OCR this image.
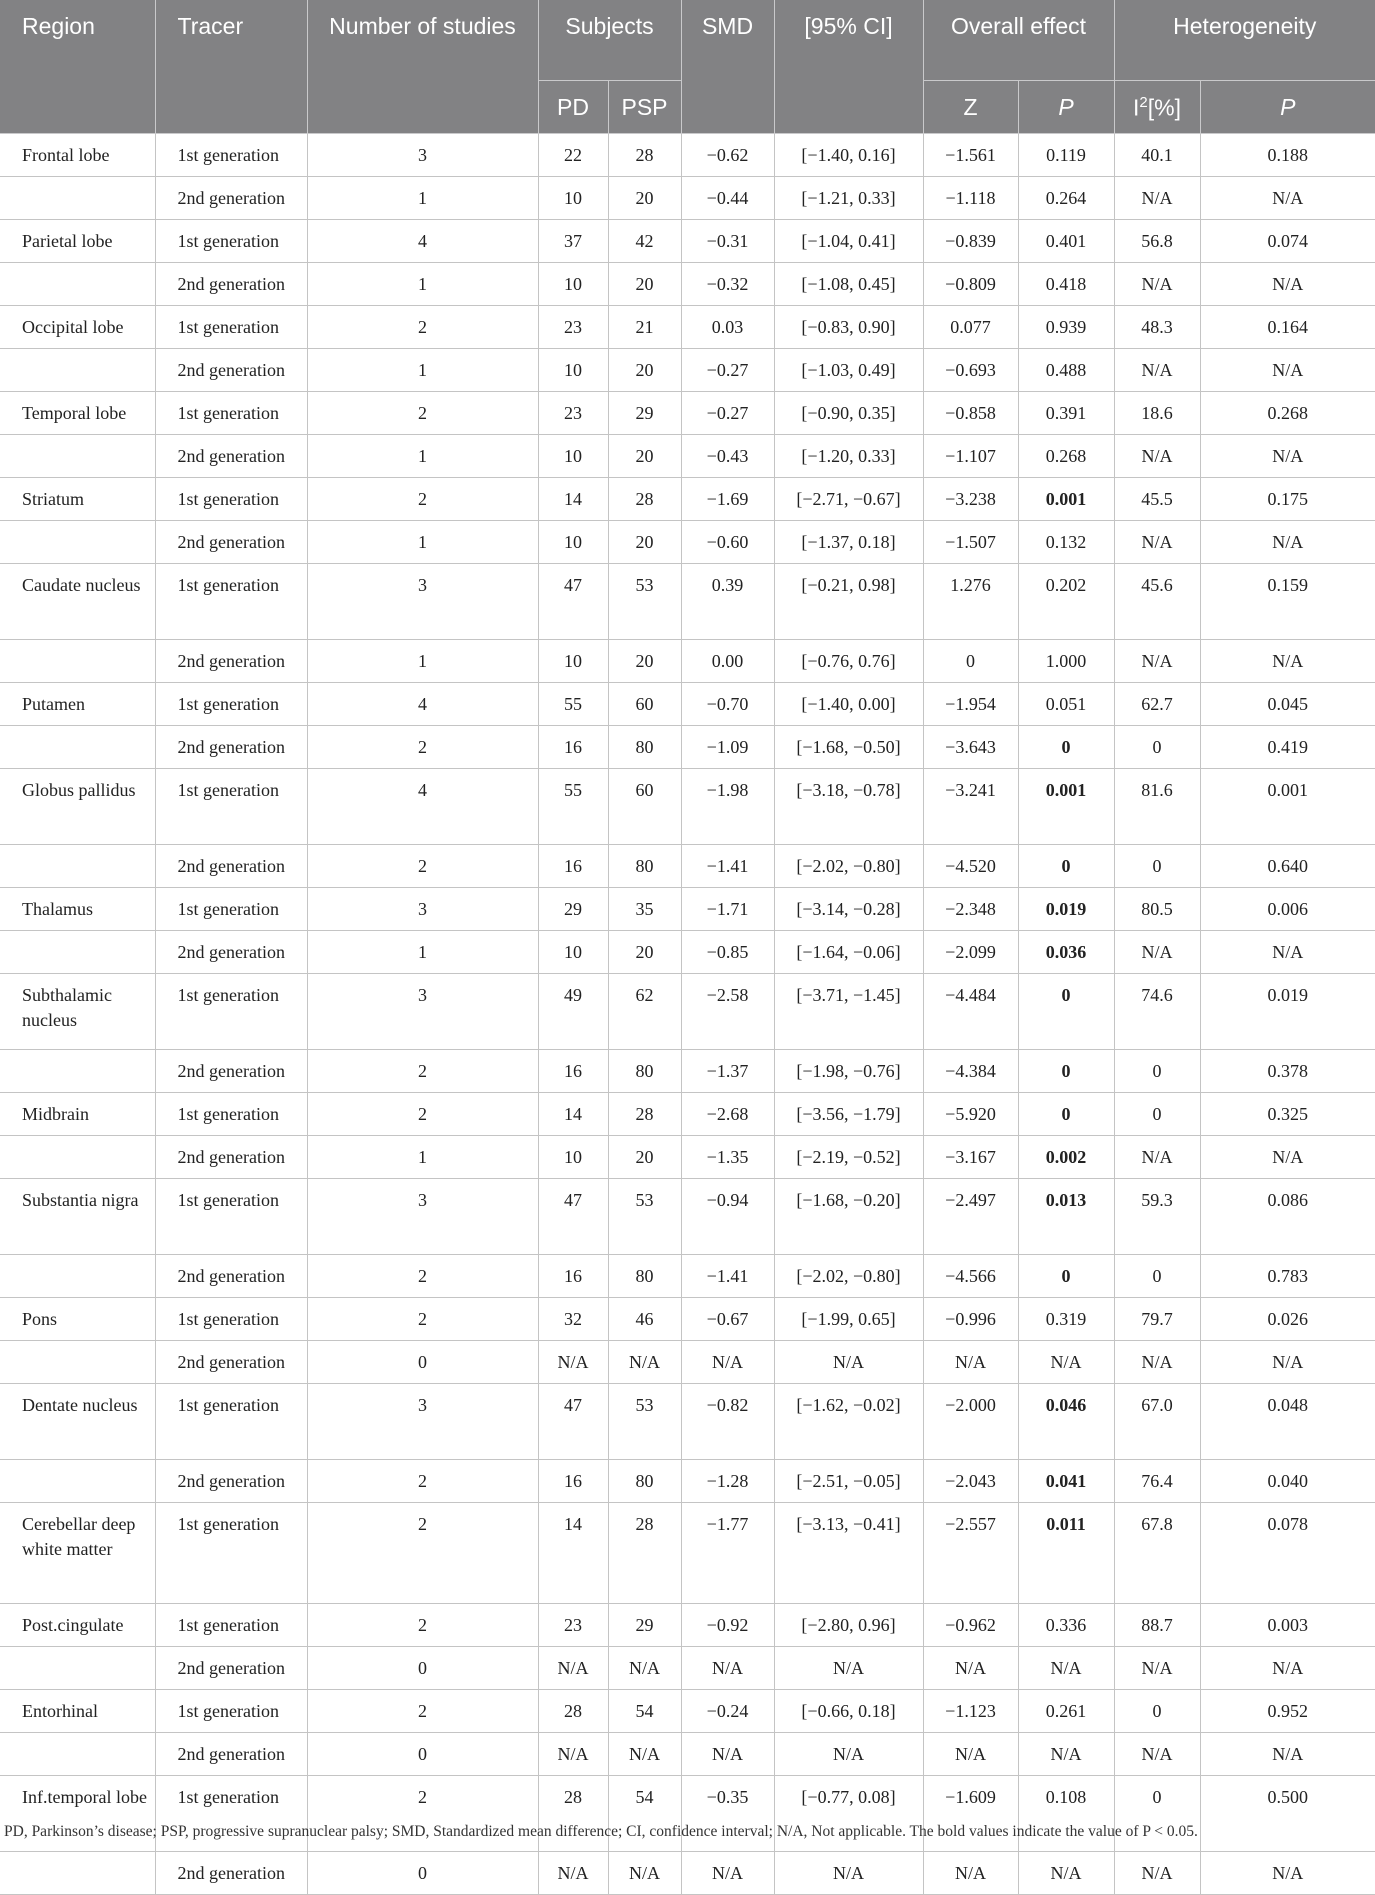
Region	Tracer	Number of studies	Subjects		SMD	[95% CI]	Overall effect		Heterogeneity	
			PD	PSP			Z	P	$I^2[\%]$	P
Frontal lobe	1st generation	3	22	28	−0.62	[−1.40, 0.16]	−1.561	0.119	40.1	0.188
	2nd generation	1	10	20	−0.44	[−1.21, 0.33]	−1.118	0.264	N/A	N/A
Parietal lobe	1st generation	4	37	42	−0.31	[−1.04, 0.41]	−0.839	0.401	56.8	0.074
	2nd generation	1	10	20	−0.32	[−1.08, 0.45]	−0.809	0.418	N/A	N/A
Occipital lobe	1st generation	2	23	21	0.03	[−0.83, 0.90]	0.077	0.939	48.3	0.164
	2nd generation	1	10	20	−0.27	[−1.03, 0.49]	−0.693	0.488	N/A	N/A
Temporal lobe	1st generation	2	23	29	−0.27	[−0.90, 0.35]	−0.858	0.391	18.6	0.268
	2nd generation	1	10	20	−0.43	[−1.20, 0.33]	−1.107	0.268	N/A	N/A
Striatum	1st generation	2	14	28	−1.69	[−2.71, −0.67]	−3.238	0.001	45.5	0.175
	2nd generation	1	10	20	−0.60	[−1.37, 0.18]	−1.507	0.132	N/A	N/A
Caudate nucleus	1st generation	3	47	53	0.39	[−0.21, 0.98]	1.276	0.202	45.6	0.159
	2nd generation	1	10	20	0.00	[−0.76, 0.76]	0	1.000	N/A	N/A
Putamen	1st generation	4	55	60	−0.70	[−1.40, 0.00]	−1.954	0.051	62.7	0.045
	2nd generation	2	16	80	−1.09	[−1.68, −0.50]	−3.643	0	0	0.419
Globus pallidus	1st generation	4	55	60	−1.98	[−3.18, −0.78]	−3.241	0.001	81.6	0.001
	2nd generation	2	16	80	−1.41	[−2.02, −0.80]	−4.520	0	0	0.640
Thalamus	1st generation	3	29	35	−1.71	[−3.14, −0.28]	−2.348	0.019	80.5	0.006
	2nd generation	1	10	20	−0.85	[−1.64, −0.06]	−2.099	0.036	N/A	N/A
Subthalamic nucleus	1st generation	3	49	62	−2.58	[−3.71, −1.45]	−4.484	0	74.6	0.019
	2nd generation	2	16	80	−1.37	[−1.98, −0.76]	−4.384	0	0	0.378
Midbrain	1st generation	2	14	28	−2.68	[−3.56, −1.79]	−5.920	0	0	0.325
	2nd generation	1	10	20	−1.35	[−2.19, −0.52]	−3.167	0.002	N/A	N/A
Substantia nigra	1st generation	3	47	53	−0.94	[−1.68, −0.20]	−2.497	0.013	59.3	0.086
	2nd generation	2	16	80	−1.41	[−2.02, −0.80]	−4.566	0	0	0.783
Pons	1st generation	2	32	46	−0.67	[−1.99, 0.65]	−0.996	0.319	79.7	0.026
	2nd generation	0	N/A	N/A	N/A	N/A	N/A	N/A	N/A	N/A
Dentate nucleus	1st generation	3	47	53	−0.82	[−1.62, −0.02]	−2.000	0.046	67.0	0.048
	2nd generation	2	16	80	−1.28	[−2.51, −0.05]	−2.043	0.041	76.4	0.040
Cerebellar deep white matter	1st generation	2	14	28	−1.77	[−3.13, −0.41]	−2.557	0.011	67.8	0.078
Post.cingulate	1st generation	2	23	29	−0.92	[−2.80, 0.96]	−0.962	0.336	88.7	0.003
	2nd generation	0	N/A	N/A	N/A	N/A	N/A	N/A	N/A	N/A
Entorhinal	1st generation	2	28	54	−0.24	[−0.66, 0.18]	−1.123	0.261	0	0.952
	2nd generation	0	N/A	N/A	N/A	N/A	N/A	N/A	N/A	N/A
Inf.temporal lobe	1st generation	2	28	54	−0.35	[−0.77, 0.08]	−1.609	0.108	0	0.500
	2nd generation	0	N/A	N/A	N/A	N/A	N/A	N/A	N/A	N/A
PD, Parkinson’s disease; PSP, progressive supranuclear palsy; SMD, Standardized mean difference; CI, confidence interval; N/A, Not applicable. The bold values indicate the value of P < 0.05.
